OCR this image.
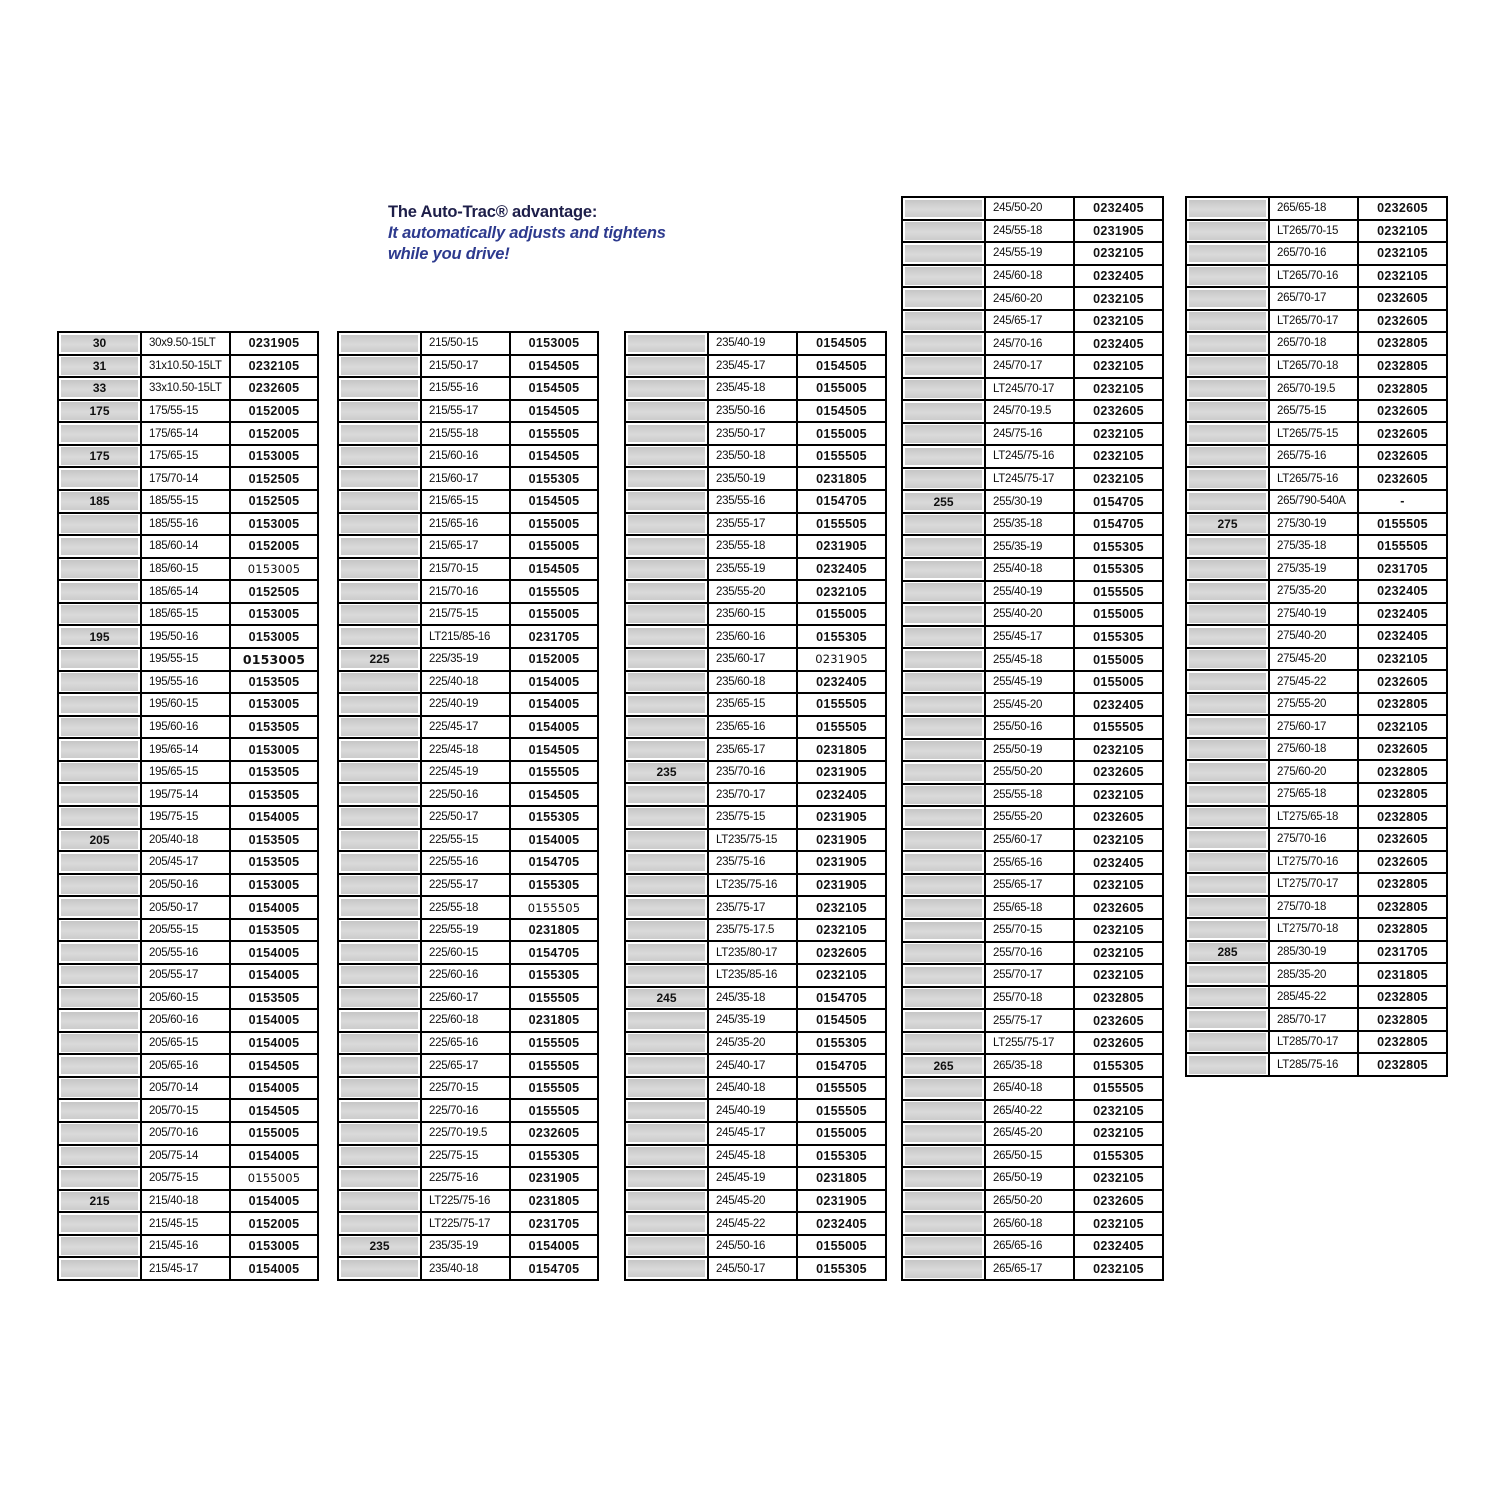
The Auto-Trac® advantage:
It automatically adjusts and tightens
while you drive!
30	30x9.50-15LT	0231905
31	31x10.50-15LT	0232105
33	33x10.50-15LT	0232605
175	175/55-15	0152005
175/65-14	0152005
175	175/65-15	0153005
175/70-14	0152505
185	185/55-15	0152505
185/55-16	0153005
185/60-14	0152005
185/60-15	0153005
185/65-14	0152505
185/65-15	0153005
195	195/50-16	0153005
195/55-15	0153005
195/55-16	0153505
195/60-15	0153005
195/60-16	0153505
195/65-14	0153005
195/65-15	0153505
195/75-14	0153505
195/75-15	0154005
205	205/40-18	0153505
205/45-17	0153505
205/50-16	0153005
205/50-17	0154005
205/55-15	0153505
205/55-16	0154005
205/55-17	0154005
205/60-15	0153505
205/60-16	0154005
205/65-15	0154005
205/65-16	0154505
205/70-14	0154005
205/70-15	0154505
205/70-16	0155005
205/75-14	0154005
205/75-15	0155005
215	215/40-18	0154005
215/45-15	0152005
215/45-16	0153005
215/45-17	0154005
215/50-15	0153005
215/50-17	0154505
215/55-16	0154505
215/55-17	0154505
215/55-18	0155505
215/60-16	0154505
215/60-17	0155305
215/65-15	0154505
215/65-16	0155005
215/65-17	0155005
215/70-15	0154505
215/70-16	0155505
215/75-15	0155005
LT215/85-16	0231705
225	225/35-19	0152005
225/40-18	0154005
225/40-19	0154005
225/45-17	0154005
225/45-18	0154505
225/45-19	0155505
225/50-16	0154505
225/50-17	0155305
225/55-15	0154005
225/55-16	0154705
225/55-17	0155305
225/55-18	0155505
225/55-19	0231805
225/60-15	0154705
225/60-16	0155305
225/60-17	0155505
225/60-18	0231805
225/65-16	0155505
225/65-17	0155505
225/70-15	0155505
225/70-16	0155505
225/70-19.5	0232605
225/75-15	0155305
225/75-16	0231905
LT225/75-16	0231805
LT225/75-17	0231705
235	235/35-19	0154005
235/40-18	0154705
235/40-19	0154505
235/45-17	0154505
235/45-18	0155005
235/50-16	0154505
235/50-17	0155005
235/50-18	0155505
235/50-19	0231805
235/55-16	0154705
235/55-17	0155505
235/55-18	0231905
235/55-19	0232405
235/55-20	0232105
235/60-15	0155005
235/60-16	0155305
235/60-17	0231905
235/60-18	0232405
235/65-15	0155505
235/65-16	0155505
235/65-17	0231805
235	235/70-16	0231905
235/70-17	0232405
235/75-15	0231905
LT235/75-15	0231905
235/75-16	0231905
LT235/75-16	0231905
235/75-17	0232105
235/75-17.5	0232105
LT235/80-17	0232605
LT235/85-16	0232105
245	245/35-18	0154705
245/35-19	0154505
245/35-20	0155305
245/40-17	0154705
245/40-18	0155505
245/40-19	0155505
245/45-17	0155005
245/45-18	0155305
245/45-19	0231805
245/45-20	0231905
245/45-22	0232405
245/50-16	0155005
245/50-17	0155305
245/50-20	0232405
245/55-18	0231905
245/55-19	0232105
245/60-18	0232405
245/60-20	0232105
245/65-17	0232105
245/70-16	0232405
245/70-17	0232105
LT245/70-17	0232105
245/70-19.5	0232605
245/75-16	0232105
LT245/75-16	0232105
LT245/75-17	0232105
255	255/30-19	0154705
255/35-18	0154705
255/35-19	0155305
255/40-18	0155305
255/40-19	0155505
255/40-20	0155005
255/45-17	0155305
255/45-18	0155005
255/45-19	0155005
255/45-20	0232405
255/50-16	0155505
255/50-19	0232105
255/50-20	0232605
255/55-18	0232105
255/55-20	0232605
255/60-17	0232105
255/65-16	0232405
255/65-17	0232105
255/65-18	0232605
255/70-15	0232105
255/70-16	0232105
255/70-17	0232105
255/70-18	0232805
255/75-17	0232605
LT255/75-17	0232605
265	265/35-18	0155305
265/40-18	0155505
265/40-22	0232105
265/45-20	0232105
265/50-15	0155305
265/50-19	0232105
265/50-20	0232605
265/60-18	0232105
265/65-16	0232405
265/65-17	0232105
265/65-18	0232605
LT265/70-15	0232105
265/70-16	0232105
LT265/70-16	0232105
265/70-17	0232605
LT265/70-17	0232605
265/70-18	0232805
LT265/70-18	0232805
265/70-19.5	0232805
265/75-15	0232605
LT265/75-15	0232605
265/75-16	0232605
LT265/75-16	0232605
265/790-540A	-
275	275/30-19	0155505
275/35-18	0155505
275/35-19	0231705
275/35-20	0232405
275/40-19	0232405
275/40-20	0232405
275/45-20	0232105
275/45-22	0232605
275/55-20	0232805
275/60-17	0232105
275/60-18	0232605
275/60-20	0232805
275/65-18	0232805
LT275/65-18	0232805
275/70-16	0232605
LT275/70-16	0232605
LT275/70-17	0232805
275/70-18	0232805
LT275/70-18	0232805
285	285/30-19	0231705
285/35-20	0231805
285/45-22	0232805
285/70-17	0232805
LT285/70-17	0232805
LT285/75-16	0232805
